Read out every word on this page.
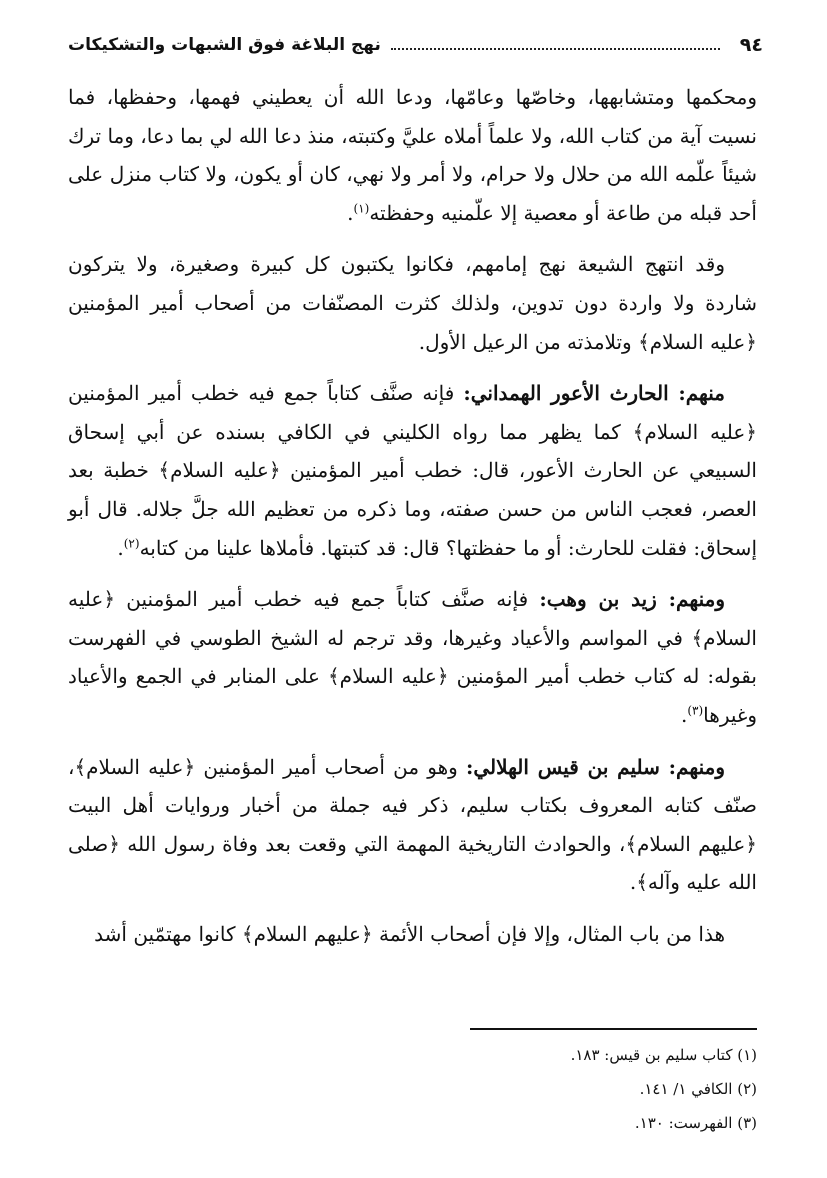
٩٤
نهج البلاغة فوق الشبهات والتشكيكات

ومحكمها ومتشابهها، وخاصّها وعامّها، ودعا الله أن يعطيني فهمها، وحفظها، فما نسيت آية من كتاب الله، ولا علماً أملاه عليَّ وكتبته، منذ دعا الله لي بما دعا، وما ترك شيئاً علّمه الله من حلال ولا حرام، ولا أمر ولا نهي، كان أو يكون، ولا كتاب منزل على أحد قبله من طاعة أو معصية إلا علّمنيه وحفظته$^{(١)}$.

وقد انتهج الشيعة نهج إمامهم، فكانوا يكتبون كل كبيرة وصغيرة، ولا يتركون شاردة ولا واردة دون تدوين، ولذلك كثرت المصنّفات من أصحاب أمير المؤمنين ﴿عليه السلام﴾ وتلامذته من الرعيل الأول.

منهم: الحارث الأعور الهمداني: فإنه صنَّف كتاباً جمع فيه خطب أمير المؤمنين ﴿عليه السلام﴾ كما يظهر مما رواه الكليني في الكافي بسنده عن أبي إسحاق السبيعي عن الحارث الأعور، قال: خطب أمير المؤمنين ﴿عليه السلام﴾ خطبة بعد العصر، فعجب الناس من حسن صفته، وما ذكره من تعظيم الله جلَّ جلاله. قال أبو إسحاق: فقلت للحارث: أو ما حفظتها؟ قال: قد كتبتها. فأملاها علينا من كتابه$^{(٢)}$.

ومنهم: زيد بن وهب: فإنه صنَّف كتاباً جمع فيه خطب أمير المؤمنين ﴿عليه السلام﴾ في المواسم والأعياد وغيرها، وقد ترجم له الشيخ الطوسي في الفهرست بقوله: له كتاب خطب أمير المؤمنين ﴿عليه السلام﴾ على المنابر في الجمع والأعياد وغيرها$^{(٣)}$.

ومنهم: سليم بن قيس الهلالي: وهو من أصحاب أمير المؤمنين ﴿عليه السلام﴾، صنّف كتابه المعروف بكتاب سليم، ذكر فيه جملة من أخبار وروايات أهل البيت ﴿عليهم السلام﴾، والحوادث التاريخية المهمة التي وقعت بعد وفاة رسول الله ﴿صلى الله عليه وآله﴾.

هذا من باب المثال، وإلا فإن أصحاب الأئمة ﴿عليهم السلام﴾ كانوا مهتمّين أشد

(١) كتاب سليم بن قيس: ١٨٣.
(٢) الكافي ١/ ١٤١.
(٣) الفهرست: ١٣٠.
